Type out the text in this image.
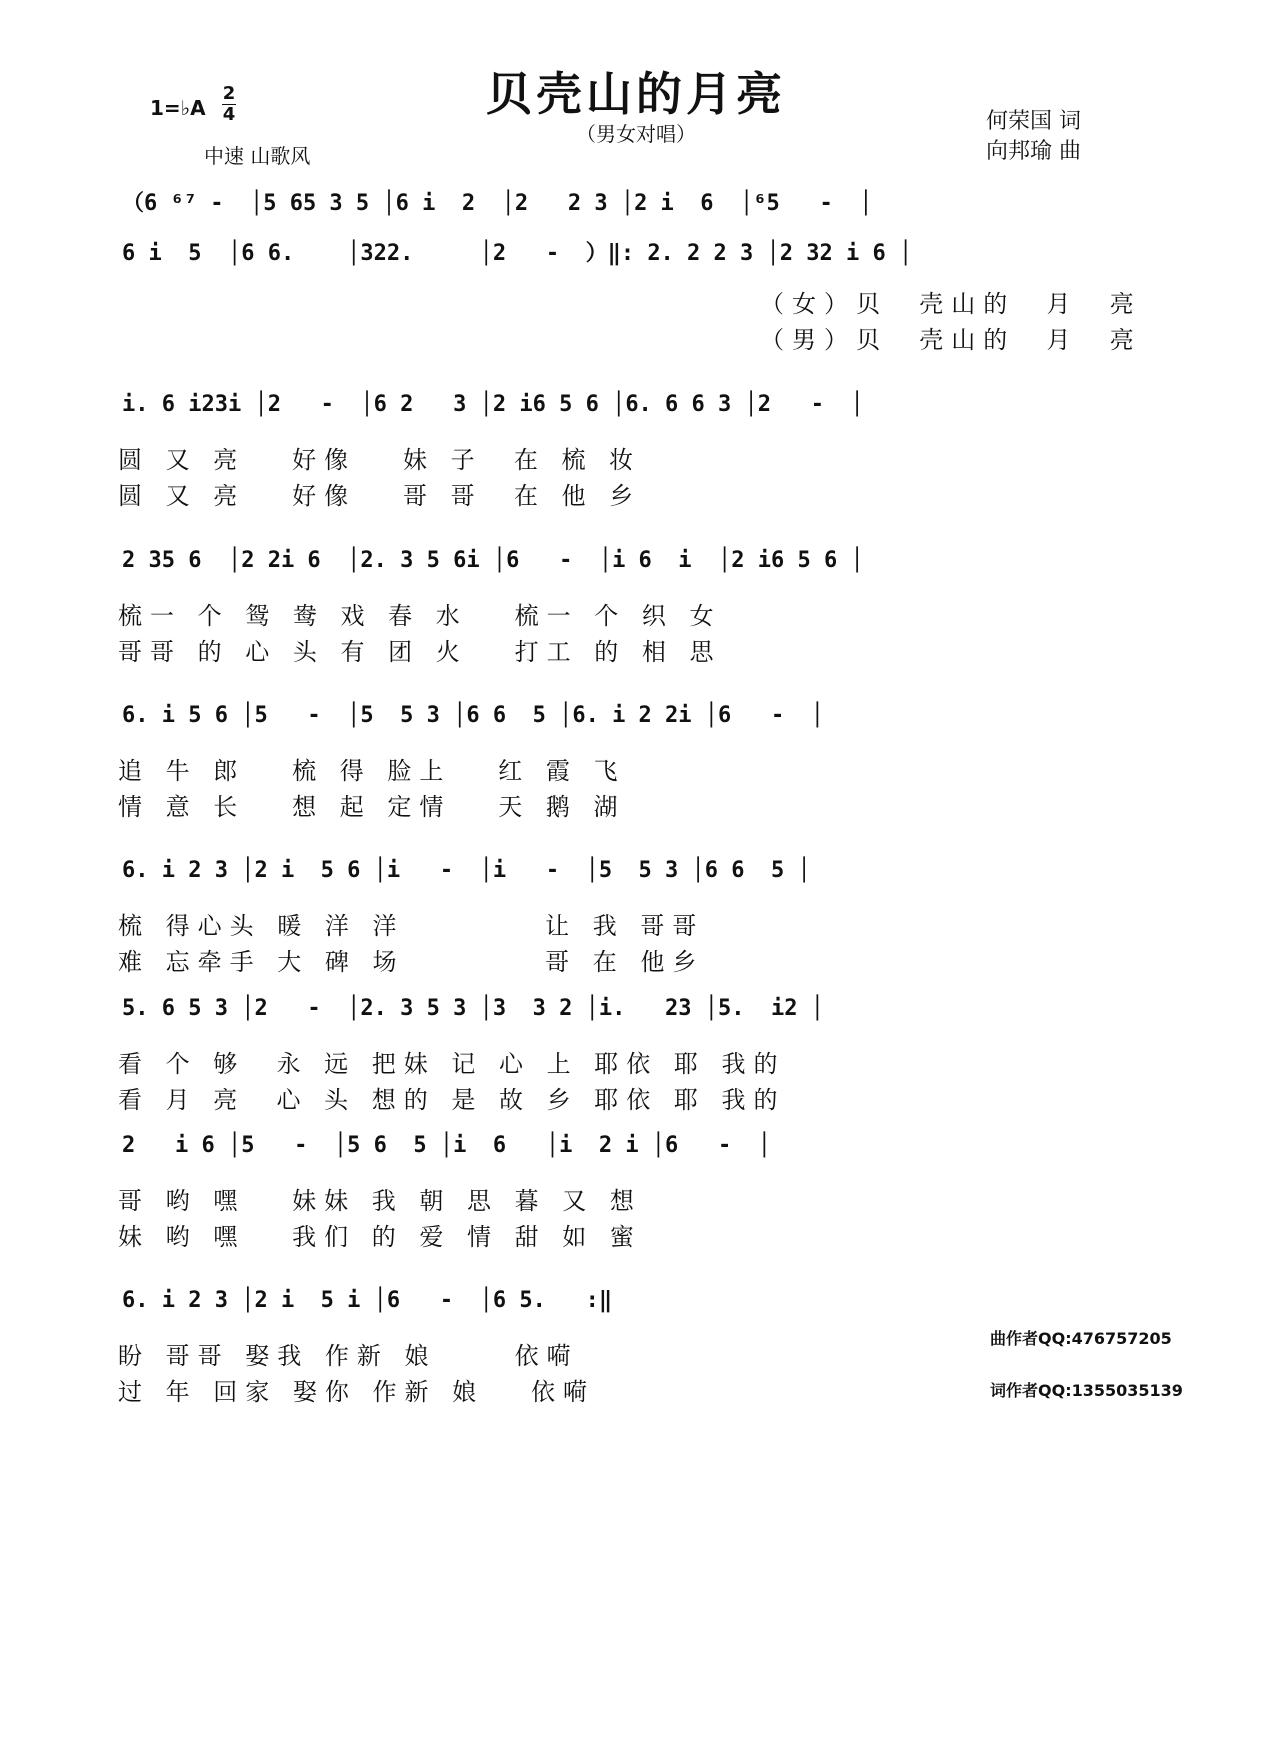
贝壳山的月亮
（男女对唱）
1=♭A
2
4
中速 山歌风
何荣国 词
向邦瑜 曲
（6 ⁶⁷ -  │5 65 3 5 │6 i  2  │2   2 3 │2 i  6  │⁶5   -  │
6 i  5  │6 6.    │322.     │2   -  ）‖: 2. 2 2 3 │2 32 i 6 │
（女）贝  壳山的  月  亮
（男）贝  壳山的  月  亮
i. 6 i23i │2   -  │6 2   3 │2 i6 5 6 │6. 6 6 3 │2   -  │
圆 又 亮   好像   妹 子  在 梳 妆
圆 又 亮   好像   哥 哥  在 他 乡
2 35 6  │2 2i 6  │2. 3 5 6i │6   -  │i 6  i  │2 i6 5 6 │
梳一 个 鸳 鸯 戏 春 水   梳一 个 织 女
哥哥 的 心 头 有 团 火   打工 的 相 思
6. i 5 6 │5   -  │5  5 3 │6 6  5 │6. i 2 2i │6   -  │
追 牛 郎   梳 得 脸上   红 霞 飞
情 意 长   想 起 定情   天 鹅 湖
6. i 2 3 │2 i  5 6 │i   -  │i   -  │5  5 3 │6 6  5 │
梳 得心头 暖 洋 洋         让 我 哥哥
难 忘牵手 大 碑 场         哥 在 他乡
5. 6 5 3 │2   -  │2. 3 5 3 │3  3 2 │i.   23 │5.  i2 │
看 个 够  永 远 把妹 记 心 上 耶依 耶 我的
看 月 亮  心 头 想的 是 故 乡 耶依 耶 我的
2   i 6 │5   -  │5 6  5 │i  6   │i  2 i │6   -  │
哥 哟 嘿   妹妹 我 朝 思 暮 又 想
妹 哟 嘿   我们 的 爱 情 甜 如 蜜
6. i 2 3 │2 i  5 i │6   -  │6 5.   :‖
盼 哥哥 娶我 作新 娘     依嗬
过 年 回家 娶你 作新 娘   依嗬
曲作者QQ:476757205
词作者QQ:1355035139
